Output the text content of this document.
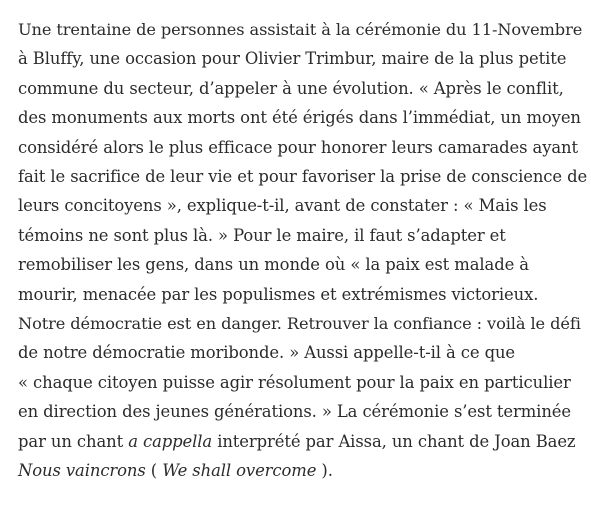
Une trentaine de personnes assistait à la cérémonie du 11-Novembre

à Bluffy, une occasion pour Olivier Trimbur, maire de la plus petite

commune du secteur, d’appeler à une évolution. « Après le conflit,

des monuments aux morts ont été érigés dans l’immédiat, un moyen

considéré alors le plus efficace pour honorer leurs camarades ayant

fait le sacrifice de leur vie et pour favoriser la prise de conscience de

leurs concitoyens », explique-t-il, avant de constater : « Mais les

témoins ne sont plus là. » Pour le maire, il faut s’adapter et

remobiliser les gens, dans un monde où « la paix est malade à

mourir, menacée par les populismes et extrémismes victorieux.

Notre démocratie est en danger. Retrouver la confiance : voilà le défi

de notre démocratie moribonde. » Aussi appelle-t-il à ce que

« chaque citoyen puisse agir résolument pour la paix en particulier

en direction des jeunes générations. » La cérémonie s’est terminée

par un chant a cappella interprété par Aissa, un chant de Joan Baez

Nous vaincrons ( We shall overcome ).
